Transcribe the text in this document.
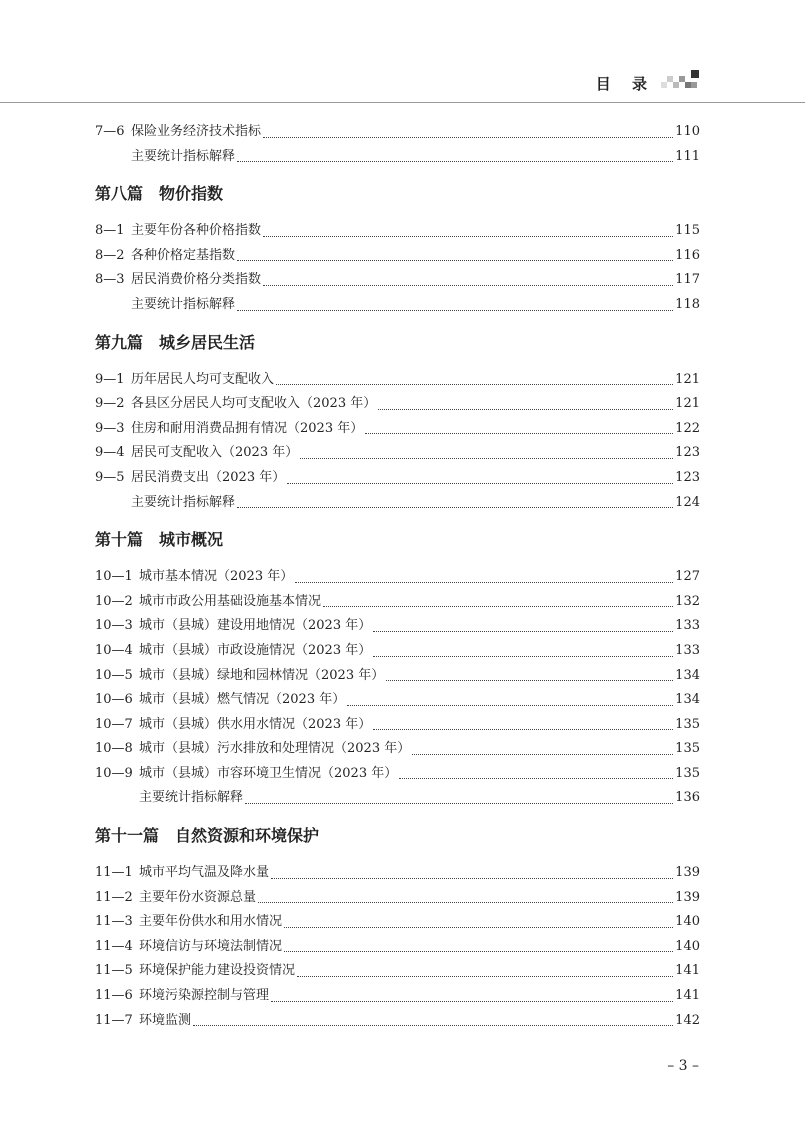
目 录
7—6 保险业务经济技术指标	110
主要统计指标解释	111
第八篇　物价指数
8—1 主要年份各种价格指数	115
8—2 各种价格定基指数	116
8—3 居民消费价格分类指数	117
主要统计指标解释	118
第九篇　城乡居民生活
9—1 历年居民人均可支配收入	121
9—2 各县区分居民人均可支配收入（2023 年）	121
9—3 住房和耐用消费品拥有情况（2023 年）	122
9—4 居民可支配收入（2023 年）	123
9—5 居民消费支出（2023 年）	123
主要统计指标解释	124
第十篇　城市概况
10—1 城市基本情况（2023 年）	127
10—2 城市市政公用基础设施基本情况	132
10—3 城市（县城）建设用地情况（2023 年）	133
10—4 城市（县城）市政设施情况（2023 年）	133
10—5 城市（县城）绿地和园林情况（2023 年）	134
10—6 城市（县城）燃气情况（2023 年）	134
10—7 城市（县城）供水用水情况（2023 年）	135
10—8 城市（县城）污水排放和处理情况（2023 年）	135
10—9 城市（县城）市容环境卫生情况（2023 年）	135
主要统计指标解释	136
第十一篇　自然资源和环境保护
11—1 城市平均气温及降水量	139
11—2 主要年份水资源总量	139
11—3 主要年份供水和用水情况	140
11—4 环境信访与环境法制情况	140
11—5 环境保护能力建设投资情况	141
11—6 环境污染源控制与管理	141
11—7 环境监测	142
– 3 –
